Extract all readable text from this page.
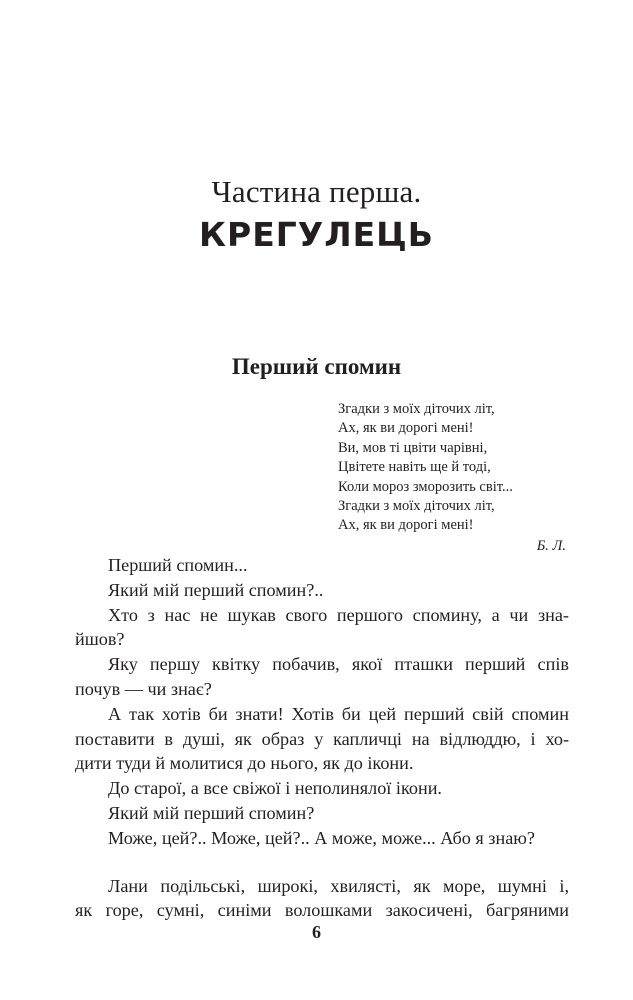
Частина перша.
КРЕГУЛЕЦЬ
Перший спомин
Згадки з моїх діточих літ,
Ах, як ви дорогі мені!
Ви, мов ті цвіти чарівні,
Цвітете навіть ще й тоді,
Коли мороз зморозить світ...
Згадки з моїх діточих літ,
Ах, як ви дорогі мені!
Б. Л.
Перший спомин...
Який мій перший спомин?..
Хто з нас не шукав свого першого спомину, а чи зна-
йшов?
Яку першу квітку побачив, якої пташки перший спів
почув — чи знає?
А так хотів би знати! Хотів би цей перший свій спомин
поставити в душі, як образ у капличці на відлюддю, і хо-
дити туди й молитися до нього, як до ікони.
До старої, а все свіжої і неполинялої ікони.
Який мій перший спомин?
Може, цей?.. Може, цей?.. А може, може... Або я знаю?
Лани подільські, широкі, хвилясті, як море, шумні і,
як горе, сумні, синіми волошками закосичені, багряними
6
